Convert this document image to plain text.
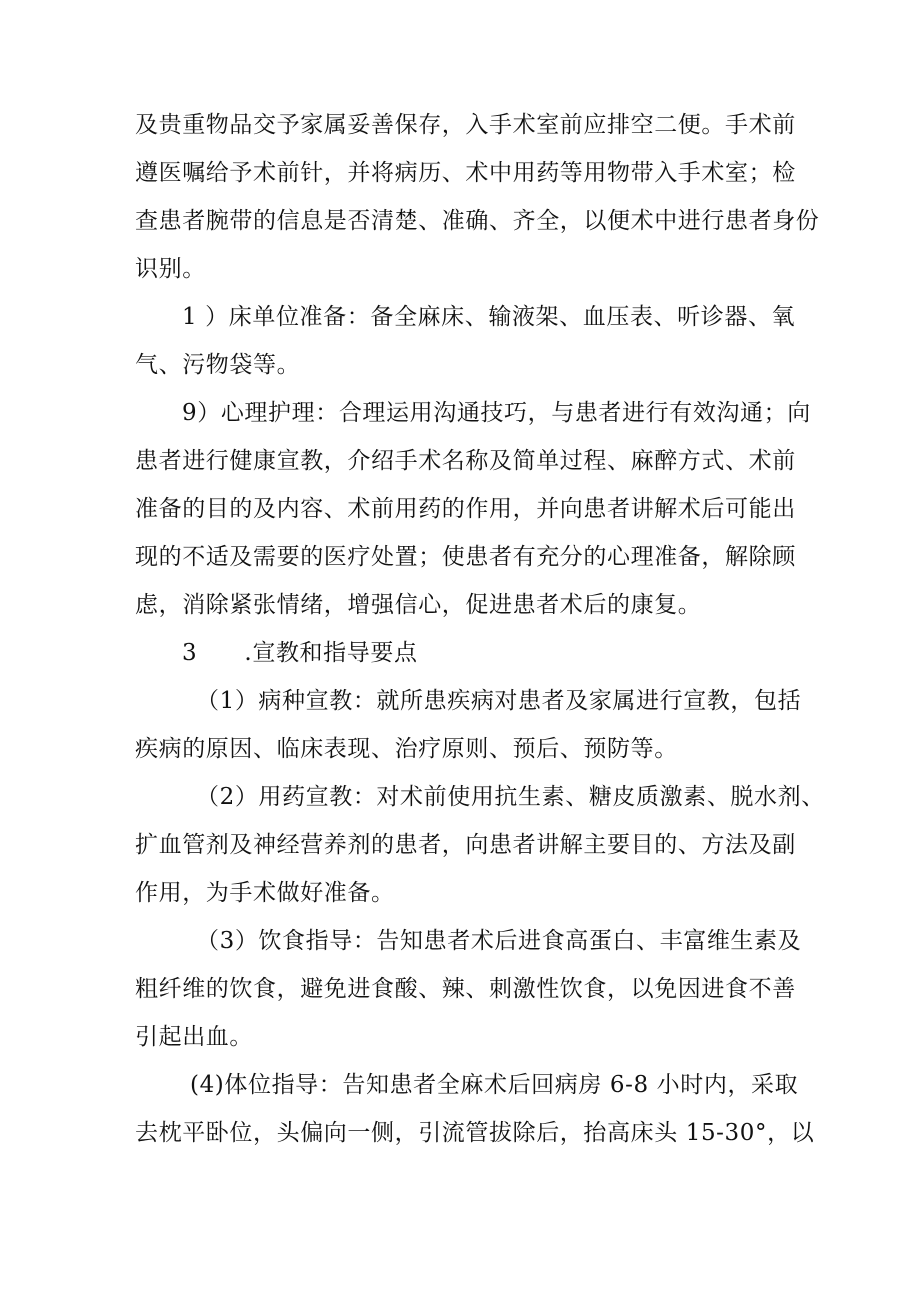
及贵重物品交予家属妥善保存，入手术室前应排空二便。手术前
遵医嘱给予术前针，并将病历、术中用药等用物带入手术室；检
查患者腕带的信息是否清楚、准确、齐全，以便术中进行患者身份
识别。
1 ）床单位准备：备全麻床、输液架、血压表、听诊器、氧
气、污物袋等。
9）心理护理：合理运用沟通技巧，与患者进行有效沟通；向
患者进行健康宣教，介绍手术名称及简单过程、麻醉方式、术前
准备的目的及内容、术前用药的作用，并向患者讲解术后可能出
现的不适及需要的医疗处置；使患者有充分的心理准备，解除顾
虑，消除紧张情绪，增强信心，促进患者术后的康复。
3　　.宣教和指导要点
（1）病种宣教：就所患疾病对患者及家属进行宣教，包括
疾病的原因、临床表现、治疗原则、预后、预防等。
（2）用药宣教：对术前使用抗生素、糖皮质激素、脱水剂、
扩血管剂及神经营养剂的患者，向患者讲解主要目的、方法及副
作用，为手术做好准备。
（3）饮食指导：告知患者术后进食高蛋白、丰富维生素及
粗纤维的饮食，避免进食酸、辣、刺激性饮食，以免因进食不善
引起出血。
(4)体位指导：告知患者全麻术后回病房 6-8 小时内，采取
去枕平卧位，头偏向一侧，引流管拔除后，抬高床头 15-30°，以
